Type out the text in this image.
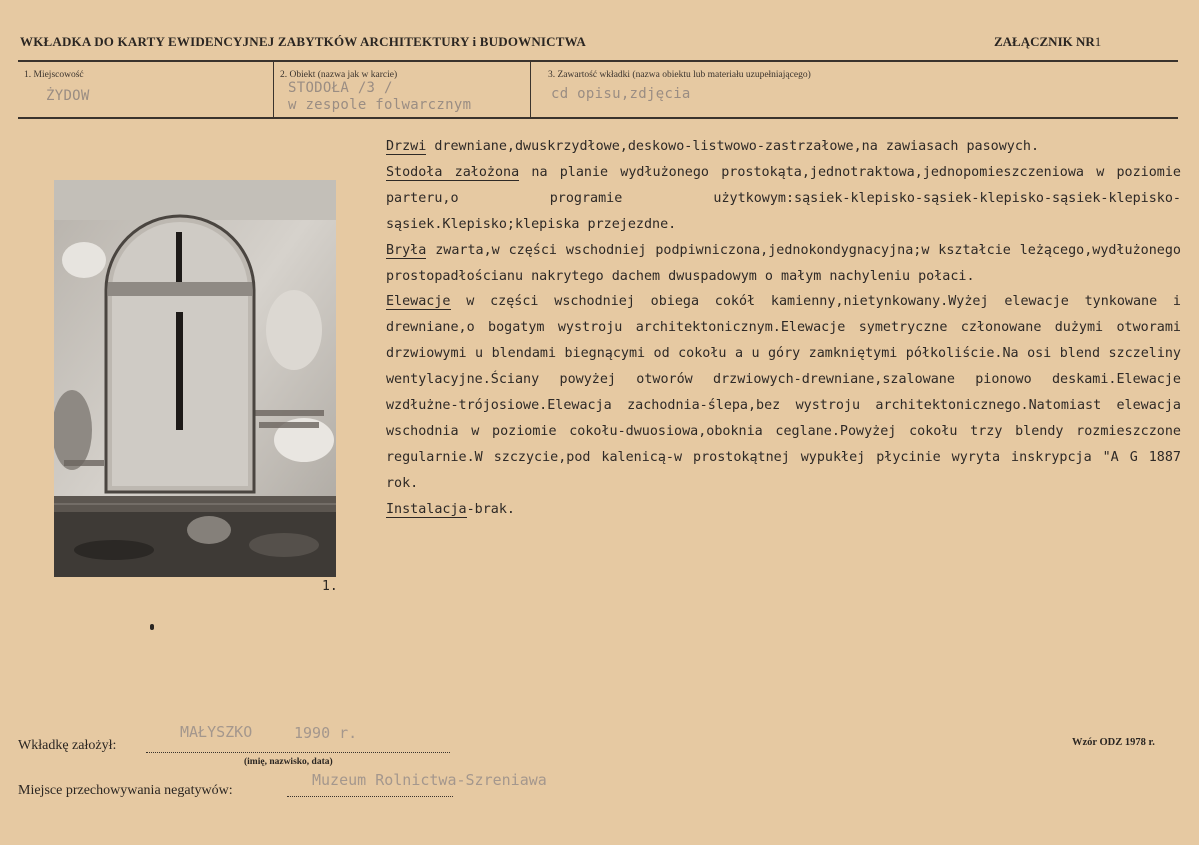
WKŁADKA DO KARTY EWIDENCYJNEJ ZABYTKÓW ARCHITEKTURY i BUDOWNICTWA	ZAŁĄCZNIK NR1
1. Miejscowość
ŻYDOW
2. Obiekt (nazwa jak w karcie)
STODOŁA /3 /
w zespole folwarcznym
3. Zawartość wkładki (nazwa obiektu lub materiału uzupełniającego)
cd opisu,zdjęcia
1.

Drzwi drewniane,dwuskrzydłowe,deskowo-listwowo-zastrzałowe,na zawiasach pasowych.

Stodoła założona na planie wydłużonego prostokąta,jednotraktowa,jednopomieszczeniowa w poziomie parteru,o programie użytkowym:sąsiek-klepisko-sąsiek-klepisko-sąsiek-klepisko-sąsiek.Klepisko;klepiska przejezdne.

Bryła zwarta,w części wschodniej podpiwniczona,jednokondygnacyjna;w kształcie leżącego,wydłużonego prostopadłościanu nakrytego dachem dwuspadowym o małym nachyleniu połaci.

Elewacje w części wschodniej obiega cokół kamienny,nietynkowany.Wyżej elewacje tynkowane i drewniane,o bogatym wystroju architektonicznym.Elewacje symetryczne członowane dużymi otworami drzwiowymi u blendami biegnącymi od cokołu a u góry zamkniętymi półkoliście.Na osi blend szczeliny wentylacyjne.Ściany powyżej otworów drzwiowych-drewniane,szalowane pionowo deskami.Elewacje wzdłużne-trójosiowe.Elewacja zachodnia-ślepa,bez wystroju architektonicznego.Natomiast elewacja wschodnia w poziomie cokołu-dwuosiowa,oboknia ceglane.Powyżej cokołu trzy blendy rozmieszczone regularnie.W szczycie,pod kalenicą-w prostokątnej wypukłej płycinie wyryta inskrypcja "A G 1887 rok.

Instalacja-brak.

MAŁYSZKO	1990 r.
Wkładkę założył:
(imię, nazwisko, data)
Muzeum Rolnictwa-Szreniawa
Miejsce przechowywania negatywów:
Wzór ODZ 1978 r.
